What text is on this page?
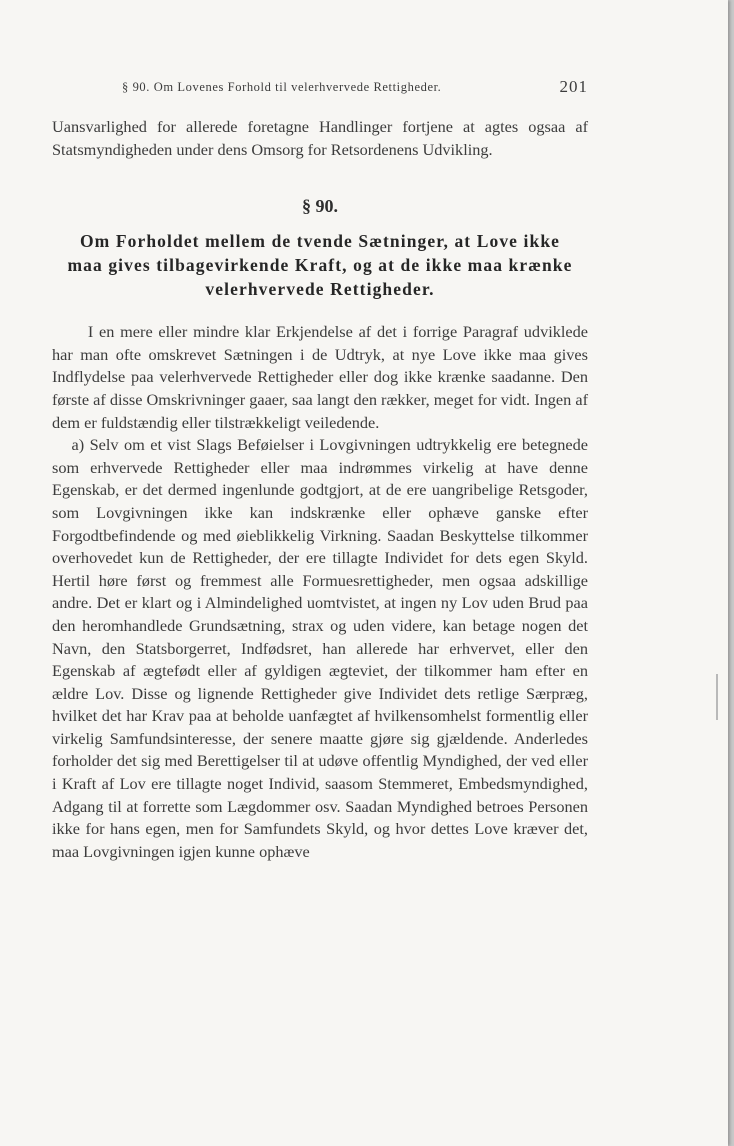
§ 90. Om Lovenes Forhold til velerhvervede Rettigheder.	201

Uansvarlighed for allerede foretagne Handlinger fortjene at agtes ogsaa af Statsmyndigheden under dens Omsorg for Retsordenens Udvikling.

§ 90.
Om Forholdet mellem de tvende Sætninger, at Love ikke
maa gives tilbagevirkende Kraft, og at de ikke maa krænke
velerhvervede Rettigheder.

I en mere eller mindre klar Erkjendelse af det i forrige Paragraf udviklede har man ofte omskrevet Sætningen i de Udtryk, at nye Love ikke maa gives Indflydelse paa velerhvervede Rettigheder eller dog ikke krænke saadanne. Den første af disse Omskrivninger gaaer, saa langt den rækker, meget for vidt. Ingen af dem er fuldstændig eller tilstrækkeligt veiledende.

a) Selv om et vist Slags Beføielser i Lovgivningen udtrykkelig ere betegnede som erhvervede Rettigheder eller maa indrømmes virkelig at have denne Egenskab, er det dermed ingenlunde godtgjort, at de ere uangribelige Retsgoder, som Lovgivningen ikke kan indskrænke eller ophæve ganske efter Forgodtbefindende og med øieblikkelig Virkning. Saadan Beskyttelse tilkommer overhovedet kun de Rettigheder, der ere tillagte Individet for dets egen Skyld. Hertil høre først og fremmest alle Formuesrettigheder, men ogsaa adskillige andre. Det er klart og i Almindelighed uomtvistet, at ingen ny Lov uden Brud paa den heromhandlede Grundsætning, strax og uden videre, kan betage nogen det Navn, den Statsborgerret, Indfødsret, han allerede har erhvervet, eller den Egenskab af ægtefødt eller af gyldigen ægteviet, der tilkommer ham efter en ældre Lov. Disse og lignende Rettigheder give Individet dets retlige Særpræg, hvilket det har Krav paa at beholde uanfægtet af hvilkensomhelst formentlig eller virkelig Samfundsinteresse, der senere maatte gjøre sig gjældende. Anderledes forholder det sig med Berettigelser til at udøve offentlig Myndighed, der ved eller i Kraft af Lov ere tillagte noget Individ, saasom Stemmeret, Embedsmyndighed, Adgang til at forrette som Lægdommer osv. Saadan Myndighed betroes Personen ikke for hans egen, men for Samfundets Skyld, og hvor dettes Love kræver det, maa Lovgivningen igjen kunne ophæve
